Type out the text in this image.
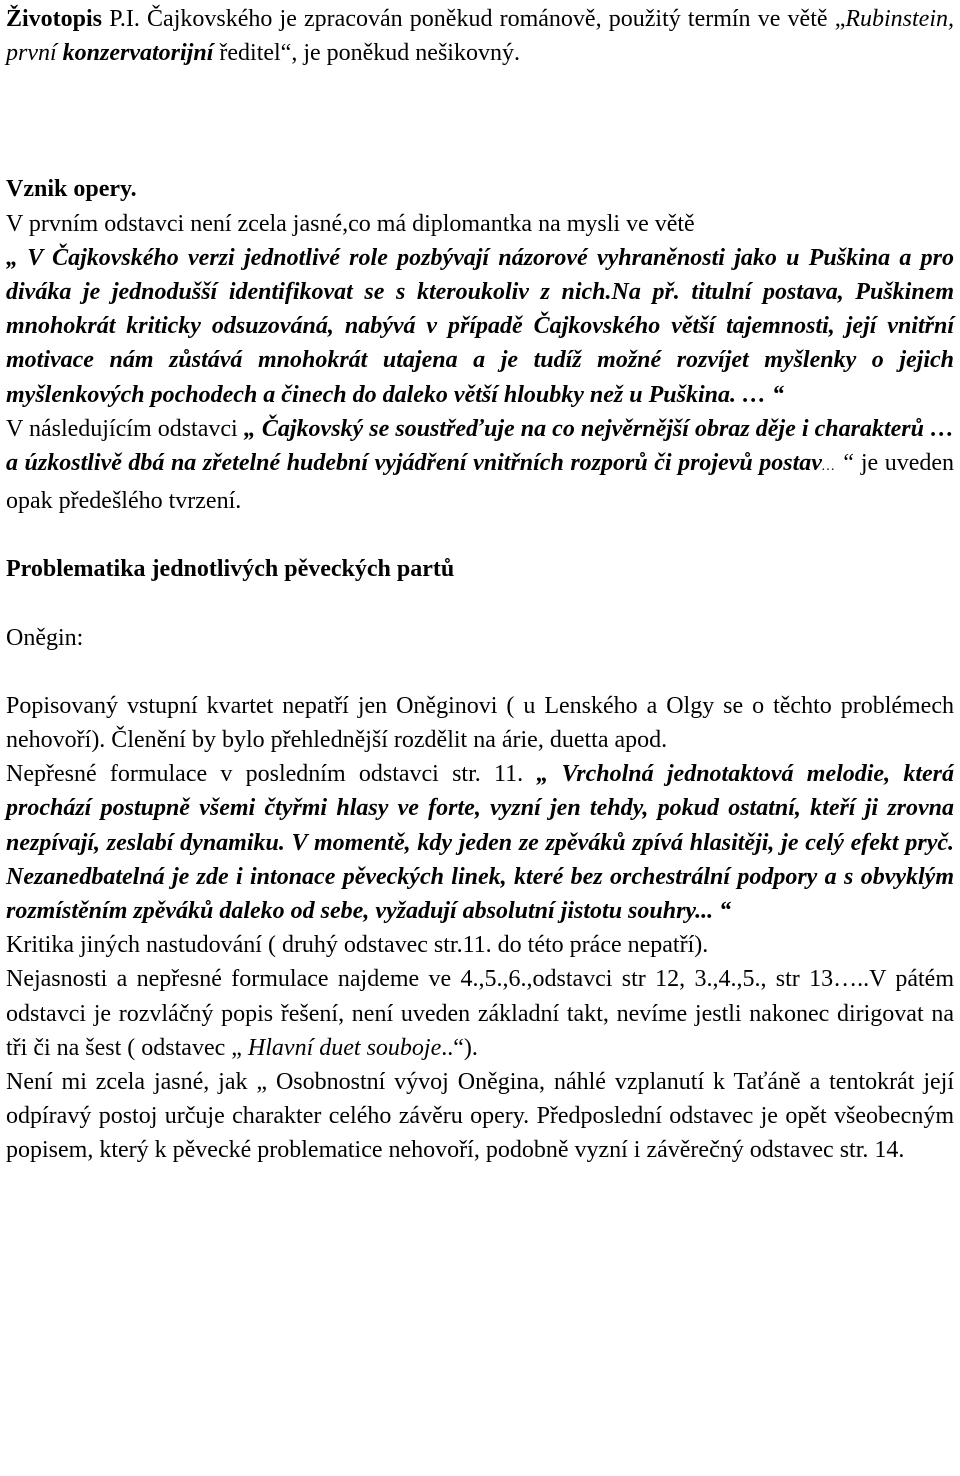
Životopis P.I. Čajkovského je zpracován poněkud románově, použitý termín ve větě „Rubinstein, první konzervatorijní ředitel“, je poněkud nešikovný.

Vznik opery.

V prvním odstavci není zcela jasné,co má diplomantka na mysli ve větě
„ V Čajkovského verzi jednotlivé role pozbývají názorové vyhraněnosti jako u Puškina a pro diváka je jednodušší identifikovat se s kteroukoliv z nich.Na př. titulní postava, Puškinem mnohokrát kriticky odsuzováná, nabývá v případě Čajkovského větší tajemnosti, její vnitřní motivace nám zůstává mnohokrát utajena a je tudíž možné rozvíjet myšlenky o jejich myšlenkových pochodech a činech do daleko větší hloubky než u Puškina. … “

V následujícím odstavci „ Čajkovský se soustřeďuje na co nejvěrnější obraz děje i charakterů …a úzkostlivě dbá na zřetelné hudební vyjádření vnitřních rozporů či projevů postav… “ je uveden opak předešlého tvrzení.

Problematika jednotlivých pěveckých partů

Oněgin:

Popisovaný vstupní kvartet nepatří jen Oněginovi ( u Lenského a Olgy se o těchto problémech nehovoří). Členění by bylo přehlednější rozdělit na árie, duetta apod.

Nepřesné formulace v posledním odstavci str. 11. „ Vrcholná jednotaktová melodie, která prochází postupně všemi čtyřmi hlasy ve forte, vyzní jen tehdy, pokud ostatní, kteří ji zrovna nezpívají, zeslabí dynamiku. V momentě, kdy jeden ze zpěváků zpívá hlasitěji, je celý efekt pryč. Nezanedbatelná je zde i intonace pěveckých linek, které bez orchestrální podpory a s obvyklým rozmístěním zpěváků daleko od sebe, vyžadují absolutní jistotu souhry... “

Kritika jiných nastudování ( druhý odstavec str.11. do této práce nepatří).

Nejasnosti a nepřesné formulace najdeme ve 4.,5.,6.,odstavci str 12, 3.,4.,5., str 13…..V pátém odstavci je rozvláčný popis řešení, není uveden základní takt, nevíme jestli nakonec dirigovat na tři či na šest ( odstavec „ Hlavní duet souboje..“).

Není mi zcela jasné, jak „ Osobnostní vývoj Oněgina, náhlé vzplanutí k Taťáně a tentokrát její odpíravý postoj určuje charakter celého závěru opery. Předposlední odstavec je opět všeobecným popisem, který k pěvecké problematice nehovoří, podobně vyzní i závěrečný odstavec str. 14.
